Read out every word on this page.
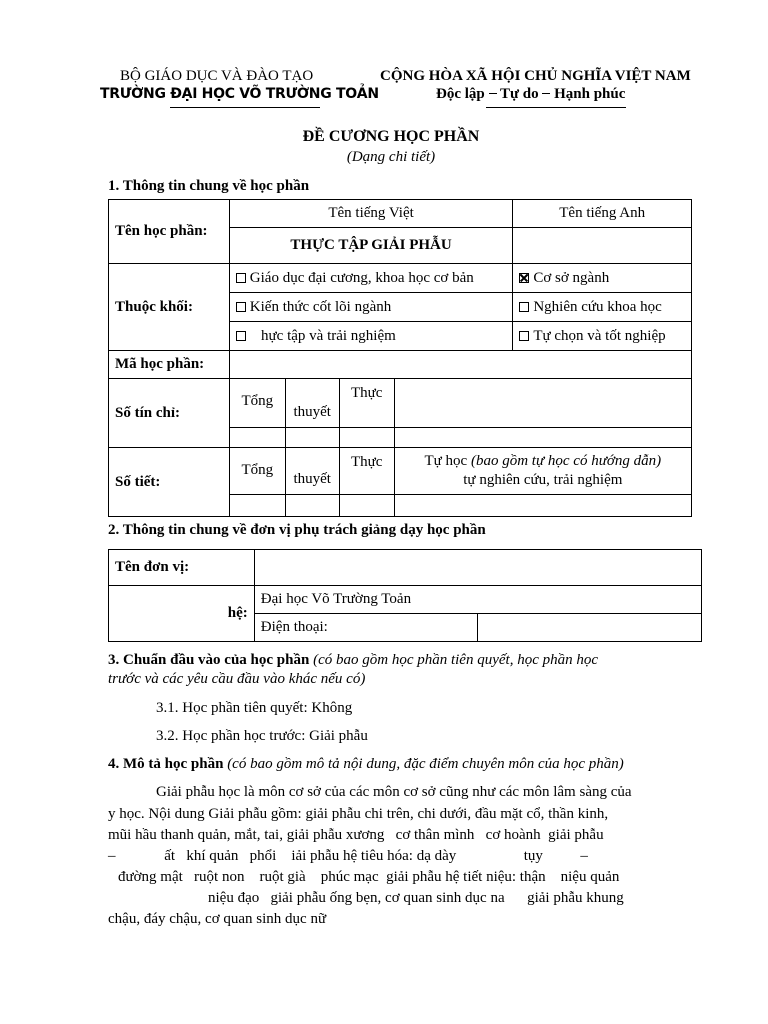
BỘ GIÁO DỤC VÀ ĐÀO TẠO
TRƯỜNG ĐẠI HỌC VÕ TRƯỜNG TOẢN
CỘNG HÒA XÃ HỘI CHỦ NGHĨA VIỆT NAM
Độc lập Tự do Hạnh phúc
ĐỀ CƯƠNG HỌC PHẦN
(Dạng chi tiết)
1. Thông tin chung về học phần
Tên học phần:	Tên tiếng Việt				Tên tiếng Anh
	THỰC TẬP GIẢI PHẪU				
Thuộc khối:	Giáo dục đại cương, khoa học cơ bản				Cơ sở ngành
	Kiến thức cốt lõi ngành				Nghiên cứu khoa học
	hực tập và trải nghiệm				Tự chọn và tốt nghiệp
Mã học phần:					
Số tín chỉ:	Tổng	thuyết	Thực		

Số tiết:	Tổng	thuyết	Thực	Tự học (bao gồm tự học có hướng dẫn)
tự nghiên cứu, trải nghiệm	

2. Thông tin chung về đơn vị phụ trách giảng dạy học phần
Tên đơn vị:		
hệ:	Đại học Võ Trường Toản	
	Điện thoại:	
3. Chuẩn đầu vào của học phần (có bao gồm học phần tiên quyết, học phần học
trước và các yêu cầu đầu vào khác nếu có)
3.1. Học phần tiên quyết: Không
3.2. Học phần học trước: Giải phẫu
4. Mô tả học phần (có bao gồm mô tả nội dung, đặc điểm chuyên môn của học phần)
Giải phẫu học là môn cơ sở của các môn cơ sở cũng như các môn lâm sàng của
y học. Nội dung Giải phẫu gồm: giải phẫu chi trên, chi dưới, đầu mặt cổ, thần kinh,
mũi hầu thanh quản, mắt, tai, giải phẫu xương   cơ thân mình   cơ hoành  giải phẫu
–             ất   khí quản   phổi    iải phẫu hệ tiêu hóa: dạ dày                  tụy          –
đường mật   ruột non    ruột già    phúc mạc  giải phẫu hệ tiết niệu: thận    niệu quản
niệu đạo   giải phẫu ống bẹn, cơ quan sinh dục na      giải phẫu khung
chậu, đáy chậu, cơ quan sinh dục nữ
